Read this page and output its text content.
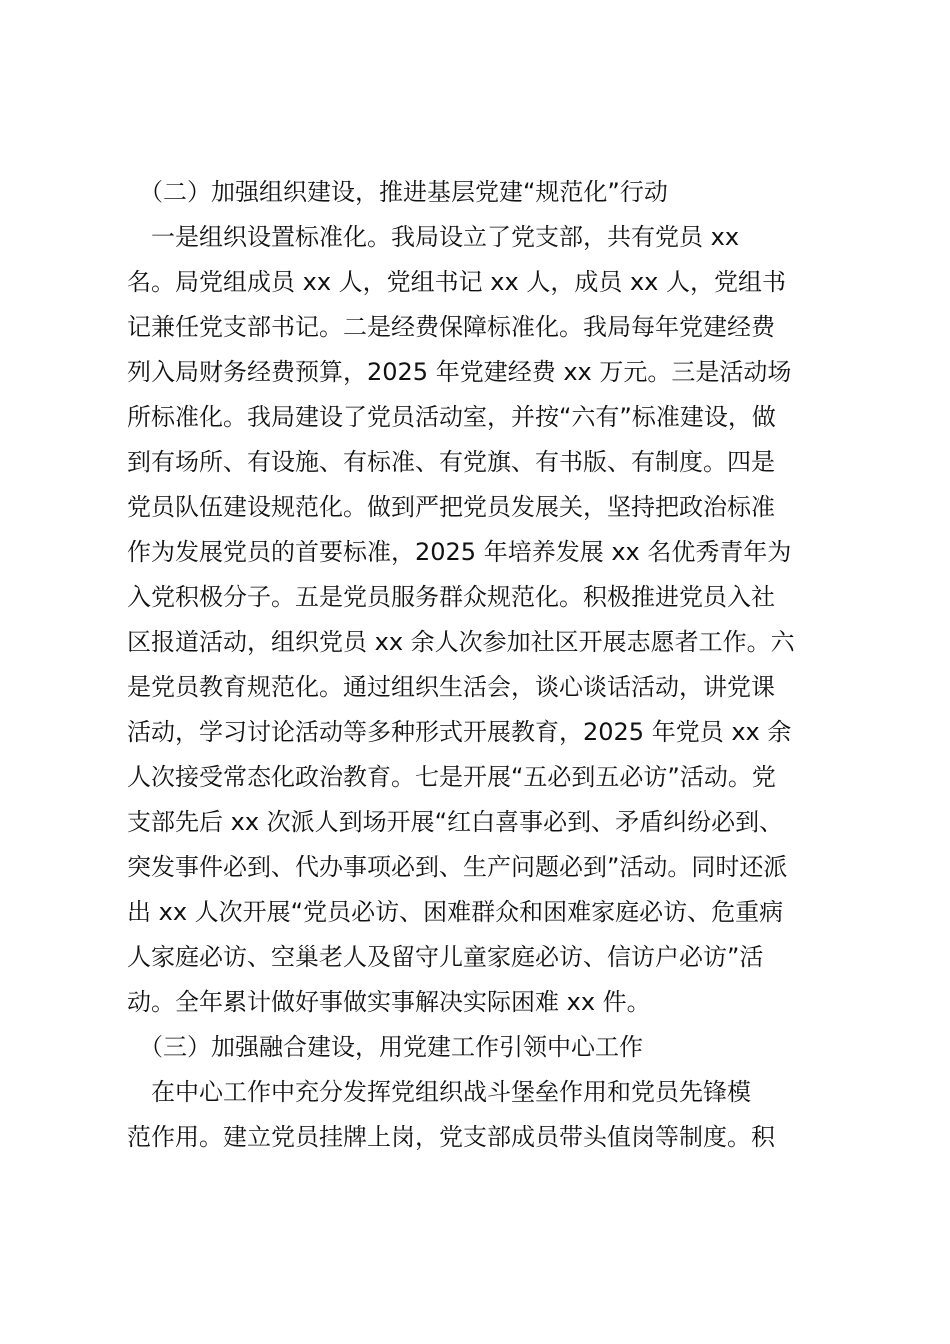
　（二）加强组织建设，推进基层党建“规范化”行动
　一是组织设置标准化。我局设立了党支部，共有党员 xx
名。局党组成员 xx 人，党组书记 xx 人，成员 xx 人，党组书
记兼任党支部书记。二是经费保障标准化。我局每年党建经费
列入局财务经费预算，2025 年党建经费 xx 万元。三是活动场
所标准化。我局建设了党员活动室，并按“六有”标准建设，做
到有场所、有设施、有标准、有党旗、有书版、有制度。四是
党员队伍建设规范化。做到严把党员发展关，坚持把政治标准
作为发展党员的首要标准，2025 年培养发展 xx 名优秀青年为
入党积极分子。五是党员服务群众规范化。积极推进党员入社
区报道活动，组织党员 xx 余人次参加社区开展志愿者工作。六
是党员教育规范化。通过组织生活会，谈心谈话活动，讲党课
活动，学习讨论活动等多种形式开展教育，2025 年党员 xx 余
人次接受常态化政治教育。七是开展“五必到五必访”活动。党
支部先后 xx 次派人到场开展“红白喜事必到、矛盾纠纷必到、
突发事件必到、代办事项必到、生产问题必到”活动。同时还派
出 xx 人次开展“党员必访、困难群众和困难家庭必访、危重病
人家庭必访、空巢老人及留守儿童家庭必访、信访户必访”活
动。全年累计做好事做实事解决实际困难 xx 件。
　（三）加强融合建设，用党建工作引领中心工作
　在中心工作中充分发挥党组织战斗堡垒作用和党员先锋模
范作用。建立党员挂牌上岗，党支部成员带头值岗等制度。积
